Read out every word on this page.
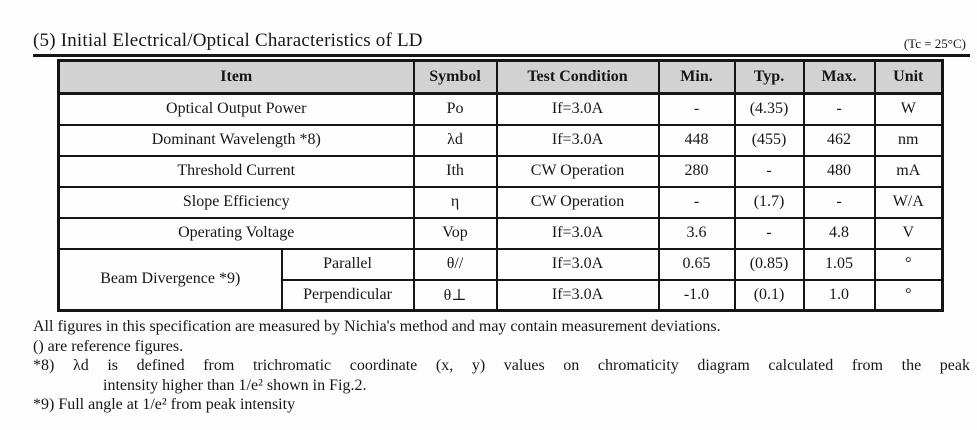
(5) Initial Electrical/Optical Characteristics of LD	(Tc = 25°C)
Item		Symbol	Test Condition	Min.	Typ.	Max.	Unit
Optical Output Power		Po	If=3.0A	-	(4.35)	-	W
Dominant Wavelength *8)		λd	If=3.0A	448	(455)	462	nm
Threshold Current		Ith	CW Operation	280	-	480	mA
Slope Efficiency		η	CW Operation	-	(1.7)	-	W/A
Operating Voltage		Vop	If=3.0A	3.6	-	4.8	V
Beam Divergence *9)	Parallel	θ//	If=3.0A	0.65	(0.85)	1.05	°
	Perpendicular	θ⊥	If=3.0A	-1.0	(0.1)	1.0	°
All figures in this specification are measured by Nichia's method and may contain measurement deviations.
() are reference figures.
*8) λd is defined from trichromatic coordinate (x, y) values on chromaticity diagram calculated from the peak
intensity higher than 1/e² shown in Fig.2.
*9) Full angle at 1/e² from peak intensity
